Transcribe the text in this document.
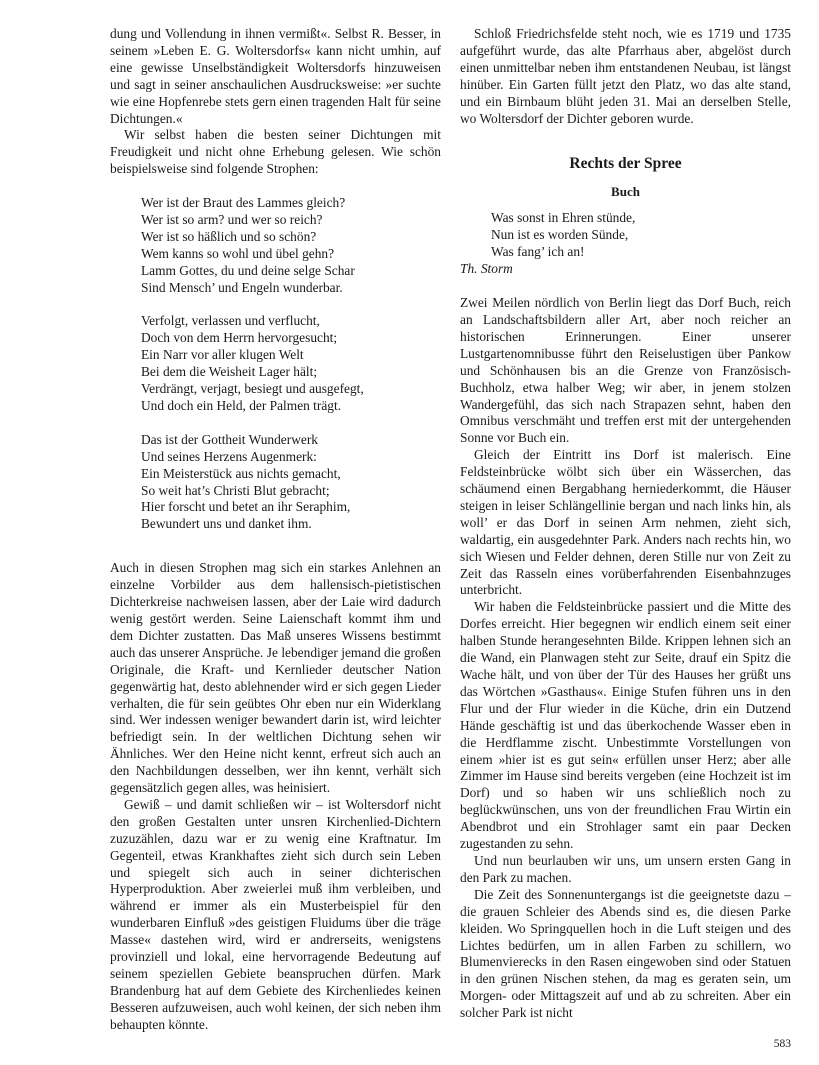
dung und Vollendung in ihnen vermißt«. Selbst R. Besser, in seinem »Leben E. G. Woltersdorfs« kann nicht umhin, auf eine gewisse Unselbständigkeit Woltersdorfs hinzuweisen und sagt in seiner anschaulichen Ausdrucksweise: »er suchte wie eine Hopfenrebe stets gern einen tragenden Halt für seine Dichtungen.«

Wir selbst haben die besten seiner Dichtungen mit Freudigkeit und nicht ohne Erhebung gelesen. Wie schön beispielsweise sind folgende Strophen:

Wer ist der Braut des Lammes gleich?
Wer ist so arm? und wer so reich?
Wer ist so häßlich und so schön?
Wem kanns so wohl und übel gehn?
Lamm Gottes, du und deine selge Schar
Sind Mensch’ und Engeln wunderbar.
Verfolgt, verlassen und verflucht,
Doch von dem Herrn hervorgesucht;
Ein Narr vor aller klugen Welt
Bei dem die Weisheit Lager hält;
Verdrängt, verjagt, besiegt und ausgefegt,
Und doch ein Held, der Palmen trägt.
Das ist der Gottheit Wunderwerk
Und seines Herzens Augenmerk:
Ein Meisterstück aus nichts gemacht,
So weit hat’s Christi Blut gebracht;
Hier forscht und betet an ihr Seraphim,
Bewundert uns und danket ihm.

Auch in diesen Strophen mag sich ein starkes Anlehnen an einzelne Vorbilder aus dem hallensisch-pietistischen Dichterkreise nachweisen lassen, aber der Laie wird dadurch wenig gestört werden. Seine Laienschaft kommt ihm und dem Dichter zustatten. Das Maß unseres Wissens bestimmt auch das unserer Ansprüche. Je lebendiger jemand die großen Originale, die Kraft- und Kernlieder deutscher Nation gegenwärtig hat, desto ablehnender wird er sich gegen Lieder verhalten, die für sein geübtes Ohr eben nur ein Widerklang sind. Wer indessen weniger bewandert darin ist, wird leichter befriedigt sein. In der weltlichen Dichtung sehen wir Ähnliches. Wer den Heine nicht kennt, erfreut sich auch an den Nachbildungen desselben, wer ihn kennt, verhält sich gegensätzlich gegen alles, was heinisiert.

Gewiß – und damit schließen wir – ist Woltersdorf nicht den großen Gestalten unter unsren Kirchenlied-Dichtern zuzuzählen, dazu war er zu wenig eine Kraftnatur. Im Gegenteil, etwas Krankhaftes zieht sich durch sein Leben und spiegelt sich auch in seiner dichterischen Hyperproduktion. Aber zweierlei muß ihm verbleiben, und während er immer als ein Musterbeispiel für den wunderbaren Einfluß »des geistigen Fluidums über die träge Masse« dastehen wird, wird er andrerseits, wenigstens provinziell und lokal, eine hervorragende Bedeutung auf seinem speziellen Gebiete beanspruchen dürfen. Mark Brandenburg hat auf dem Gebiete des Kirchenliedes keinen Besseren aufzuweisen, auch wohl keinen, der sich neben ihm behaupten könnte.

Schloß Friedrichsfelde steht noch, wie es 1719 und 1735 aufgeführt wurde, das alte Pfarrhaus aber, abgelöst durch einen unmittelbar neben ihm entstandenen Neubau, ist längst hinüber. Ein Garten füllt jetzt den Platz, wo das alte stand, und ein Birnbaum blüht jeden 31. Mai an derselben Stelle, wo Woltersdorf der Dichter geboren wurde.

Rechts der Spree
Buch
Was sonst in Ehren stünde,
Nun ist es worden Sünde,
Was fang’ ich an!

Th. Storm

Zwei Meilen nördlich von Berlin liegt das Dorf Buch, reich an Landschaftsbildern aller Art, aber noch reicher an historischen Erinnerungen. Einer unserer Lustgartenomnibusse führt den Reiselustigen über Pankow und Schönhausen bis an die Grenze von Französisch-Buchholz, etwa halber Weg; wir aber, in jenem stolzen Wandergefühl, das sich nach Strapazen sehnt, haben den Omnibus verschmäht und treffen erst mit der untergehenden Sonne vor Buch ein.

Gleich der Eintritt ins Dorf ist malerisch. Eine Feldsteinbrücke wölbt sich über ein Wässerchen, das schäumend einen Bergabhang herniederkommt, die Häuser steigen in leiser Schlängellinie bergan und nach links hin, als woll’ er das Dorf in seinen Arm nehmen, zieht sich, waldartig, ein ausgedehnter Park. Anders nach rechts hin, wo sich Wiesen und Felder dehnen, deren Stille nur von Zeit zu Zeit das Rasseln eines vorüberfahrenden Eisenbahnzuges unterbricht.

Wir haben die Feldsteinbrücke passiert und die Mitte des Dorfes erreicht. Hier begegnen wir endlich einem seit einer halben Stunde herangesehnten Bilde. Krippen lehnen sich an die Wand, ein Planwagen steht zur Seite, drauf ein Spitz die Wache hält, und von über der Tür des Hauses her grüßt uns das Wörtchen »Gasthaus«. Einige Stufen führen uns in den Flur und der Flur wieder in die Küche, drin ein Dutzend Hände geschäftig ist und das überkochende Wasser eben in die Herdflamme zischt. Unbestimmte Vorstellungen von einem »hier ist es gut sein« erfüllen unser Herz; aber alle Zimmer im Hause sind bereits vergeben (eine Hochzeit ist im Dorf) und so haben wir uns schließlich noch zu beglückwünschen, uns von der freundlichen Frau Wirtin ein Abendbrot und ein Strohlager samt ein paar Decken zugestanden zu sehn.

Und nun beurlauben wir uns, um unsern ersten Gang in den Park zu machen.

Die Zeit des Sonnenuntergangs ist die geeignetste dazu – die grauen Schleier des Abends sind es, die diesen Parke kleiden. Wo Springquellen hoch in die Luft steigen und des Lichtes bedürfen, um in allen Farben zu schillern, wo Blumenvierecks in den Rasen eingewoben sind oder Statuen in den grünen Nischen stehen, da mag es geraten sein, um Morgen- oder Mittagszeit auf und ab zu schreiten. Aber ein solcher Park ist nicht

583
